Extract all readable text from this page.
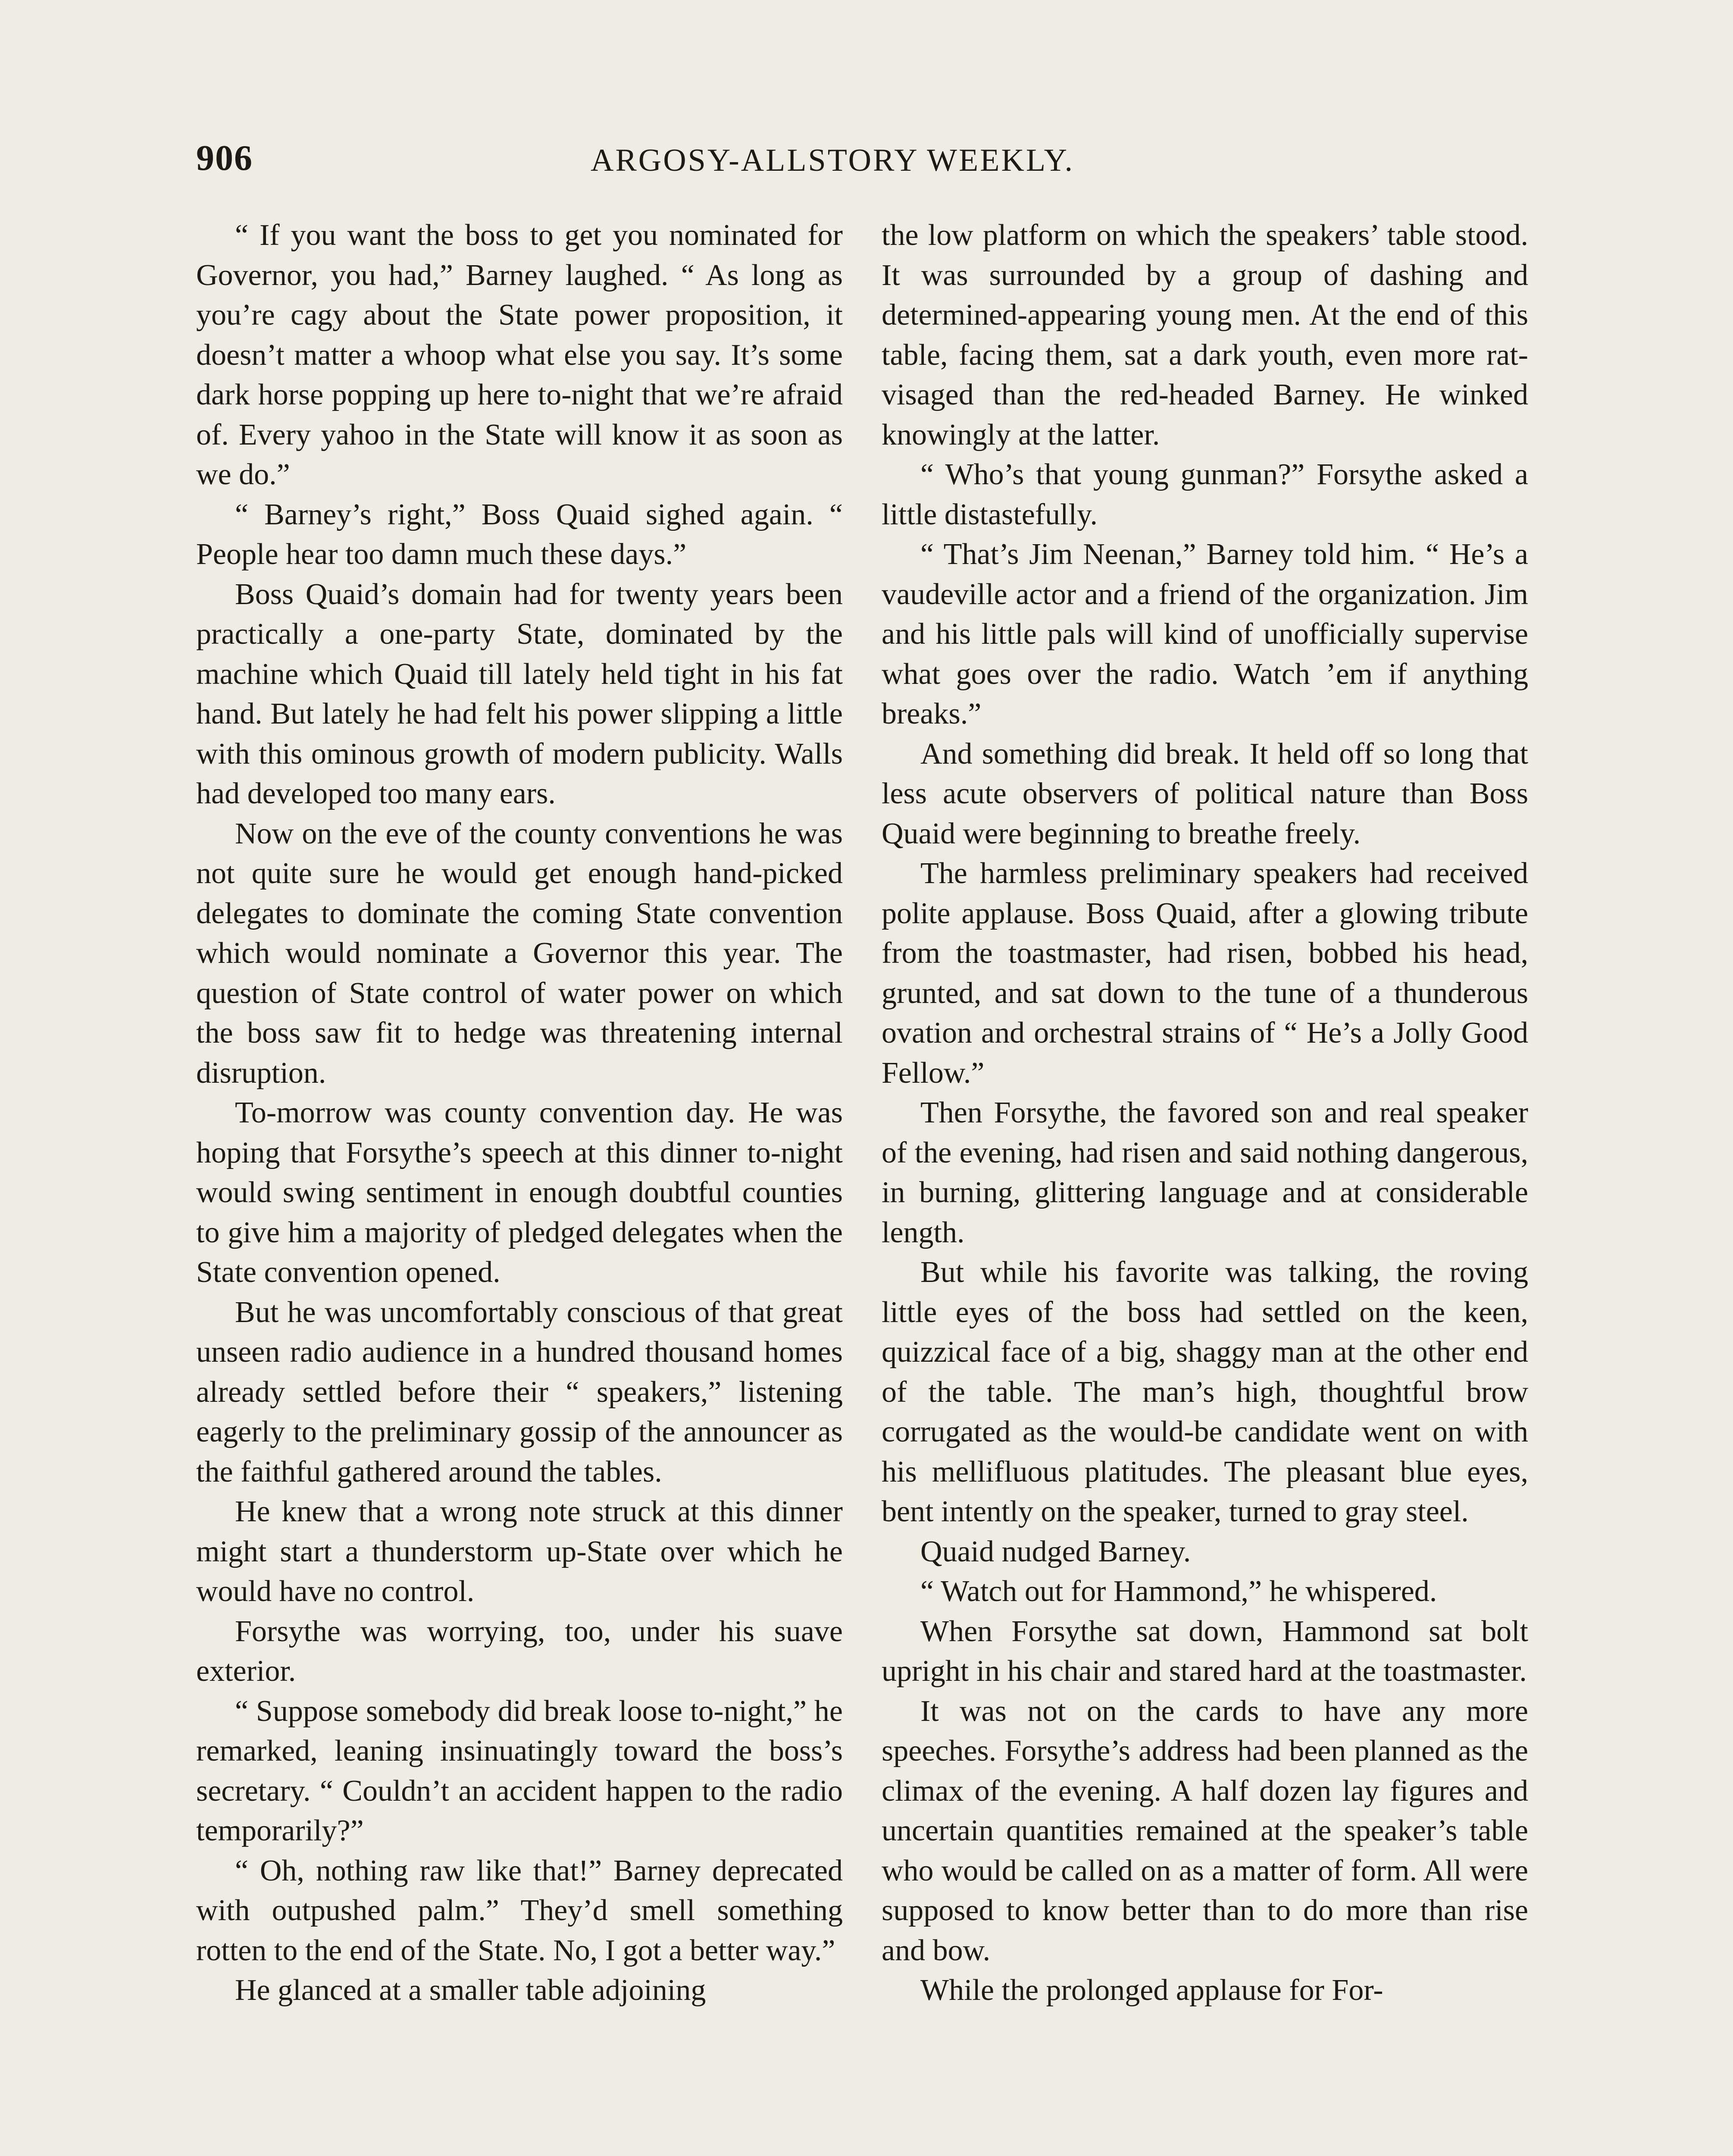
906	ARGOSY-ALLSTORY WEEKLY.

“ If you want the boss to get you nominated for Governor, you had,” Barney laughed. “ As long as you’re cagy about the State power proposition, it doesn’t matter a whoop what else you say. It’s some dark horse popping up here to-night that we’re afraid of. Every yahoo in the State will know it as soon as we do.”

“ Barney’s right,” Boss Quaid sighed again. “ People hear too damn much these days.”

Boss Quaid’s domain had for twenty years been practically a one-party State, dominated by the machine which Quaid till lately held tight in his fat hand. But lately he had felt his power slipping a little with this ominous growth of modern publicity. Walls had developed too many ears.

Now on the eve of the county conventions he was not quite sure he would get enough hand-picked delegates to dominate the coming State convention which would nominate a Governor this year. The question of State control of water power on which the boss saw fit to hedge was threatening internal disruption.

To-morrow was county convention day. He was hoping that Forsythe’s speech at this dinner to-night would swing sentiment in enough doubtful counties to give him a majority of pledged delegates when the State convention opened.

But he was uncomfortably conscious of that great unseen radio audience in a hundred thousand homes already settled before their “ speakers,” listening eagerly to the preliminary gossip of the announcer as the faithful gathered around the tables.

He knew that a wrong note struck at this dinner might start a thunderstorm up-State over which he would have no control.

Forsythe was worrying, too, under his suave exterior.

“ Suppose somebody did break loose to-night,” he remarked, leaning insinuatingly toward the boss’s secretary. “ Couldn’t an accident happen to the radio temporarily?”

“ Oh, nothing raw like that!” Barney deprecated with outpushed palm.” They’d smell something rotten to the end of the State. No, I got a better way.”

He glanced at a smaller table adjoining

the low platform on which the speakers’ table stood. It was surrounded by a group of dashing and determined-appearing young men. At the end of this table, facing them, sat a dark youth, even more rat-visaged than the red-headed Barney. He winked knowingly at the latter.

“ Who’s that young gunman?” Forsythe asked a little distastefully.

“ That’s Jim Neenan,” Barney told him. “ He’s a vaudeville actor and a friend of the organization. Jim and his little pals will kind of unofficially supervise what goes over the radio. Watch ’em if anything breaks.”

And something did break. It held off so long that less acute observers of political nature than Boss Quaid were beginning to breathe freely.

The harmless preliminary speakers had received polite applause. Boss Quaid, after a glowing tribute from the toastmaster, had risen, bobbed his head, grunted, and sat down to the tune of a thunderous ovation and orchestral strains of “ He’s a Jolly Good Fellow.”

Then Forsythe, the favored son and real speaker of the evening, had risen and said nothing dangerous, in burning, glittering language and at considerable length.

But while his favorite was talking, the roving little eyes of the boss had settled on the keen, quizzical face of a big, shaggy man at the other end of the table. The man’s high, thoughtful brow corrugated as the would-be candidate went on with his mellifluous platitudes. The pleasant blue eyes, bent intently on the speaker, turned to gray steel.

Quaid nudged Barney.

“ Watch out for Hammond,” he whispered.

When Forsythe sat down, Hammond sat bolt upright in his chair and stared hard at the toastmaster.

It was not on the cards to have any more speeches. Forsythe’s address had been planned as the climax of the evening. A half dozen lay figures and uncertain quantities remained at the speaker’s table who would be called on as a matter of form. All were supposed to know better than to do more than rise and bow.

While the prolonged applause for For-
